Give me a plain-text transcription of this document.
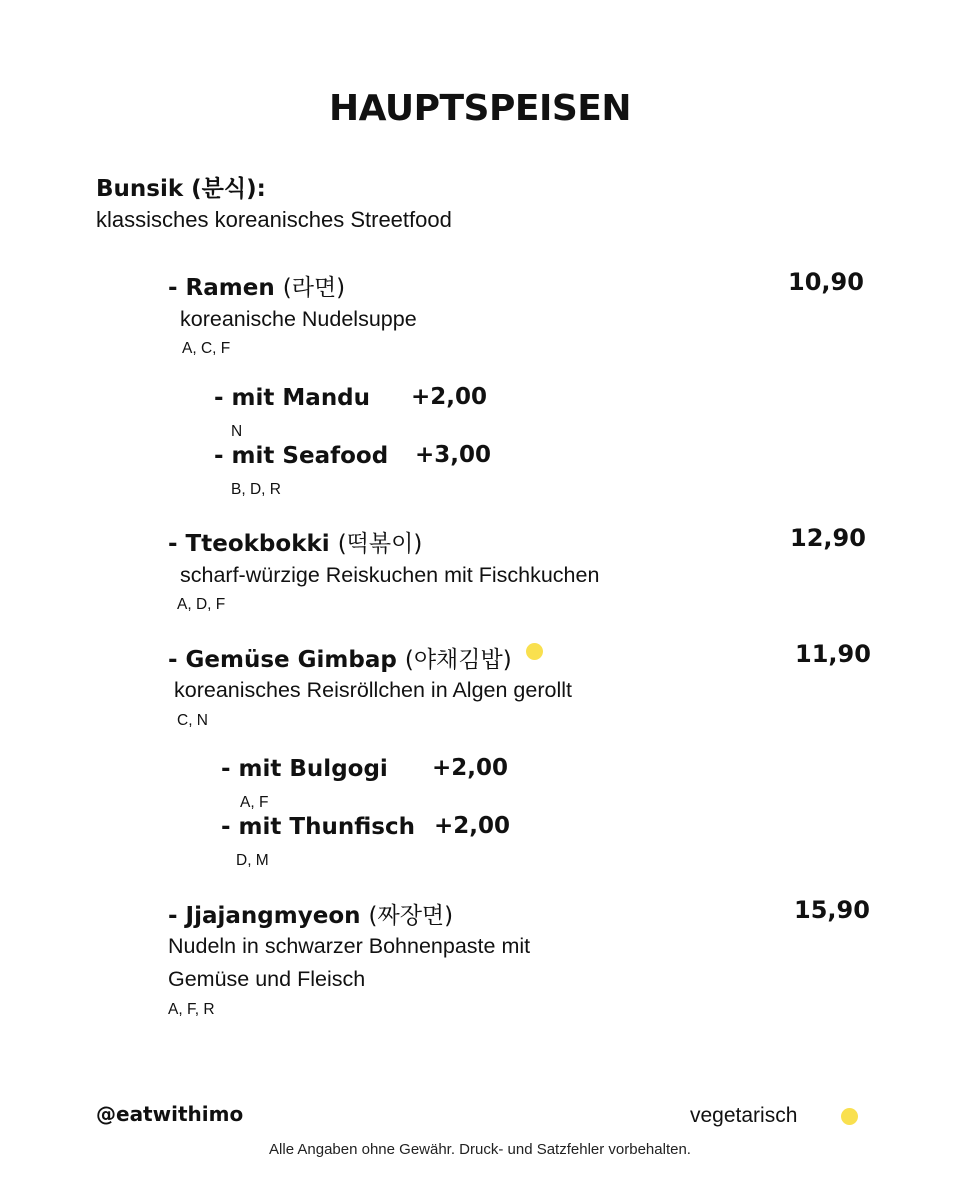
HAUPTSPEISEN
Bunsik (분식):
klassisches koreanisches Streetfood
- Ramen (라면)	10,90
koreanische Nudelsuppe
A, C, F
- mit Mandu +2,00
N
- mit Seafood +3,00
B, D, R
- Tteokbokki (떡볶이)	12,90
scharf-würzige Reiskuchen mit Fischkuchen
A, D, F
- Gemüse Gimbap (야채김밥)	11,90
koreanisches Reisröllchen in Algen gerollt
C, N
- mit Bulgogi +2,00
A, F
- mit Thunfisch +2,00
D, M
- Jjajangmyeon (짜장면)	15,90
Nudeln in schwarzer Bohnenpaste mit
Gemüse und Fleisch
A, F, R
@eatwithimo	vegetarisch
Alle Angaben ohne Gewähr. Druck- und Satzfehler vorbehalten.
